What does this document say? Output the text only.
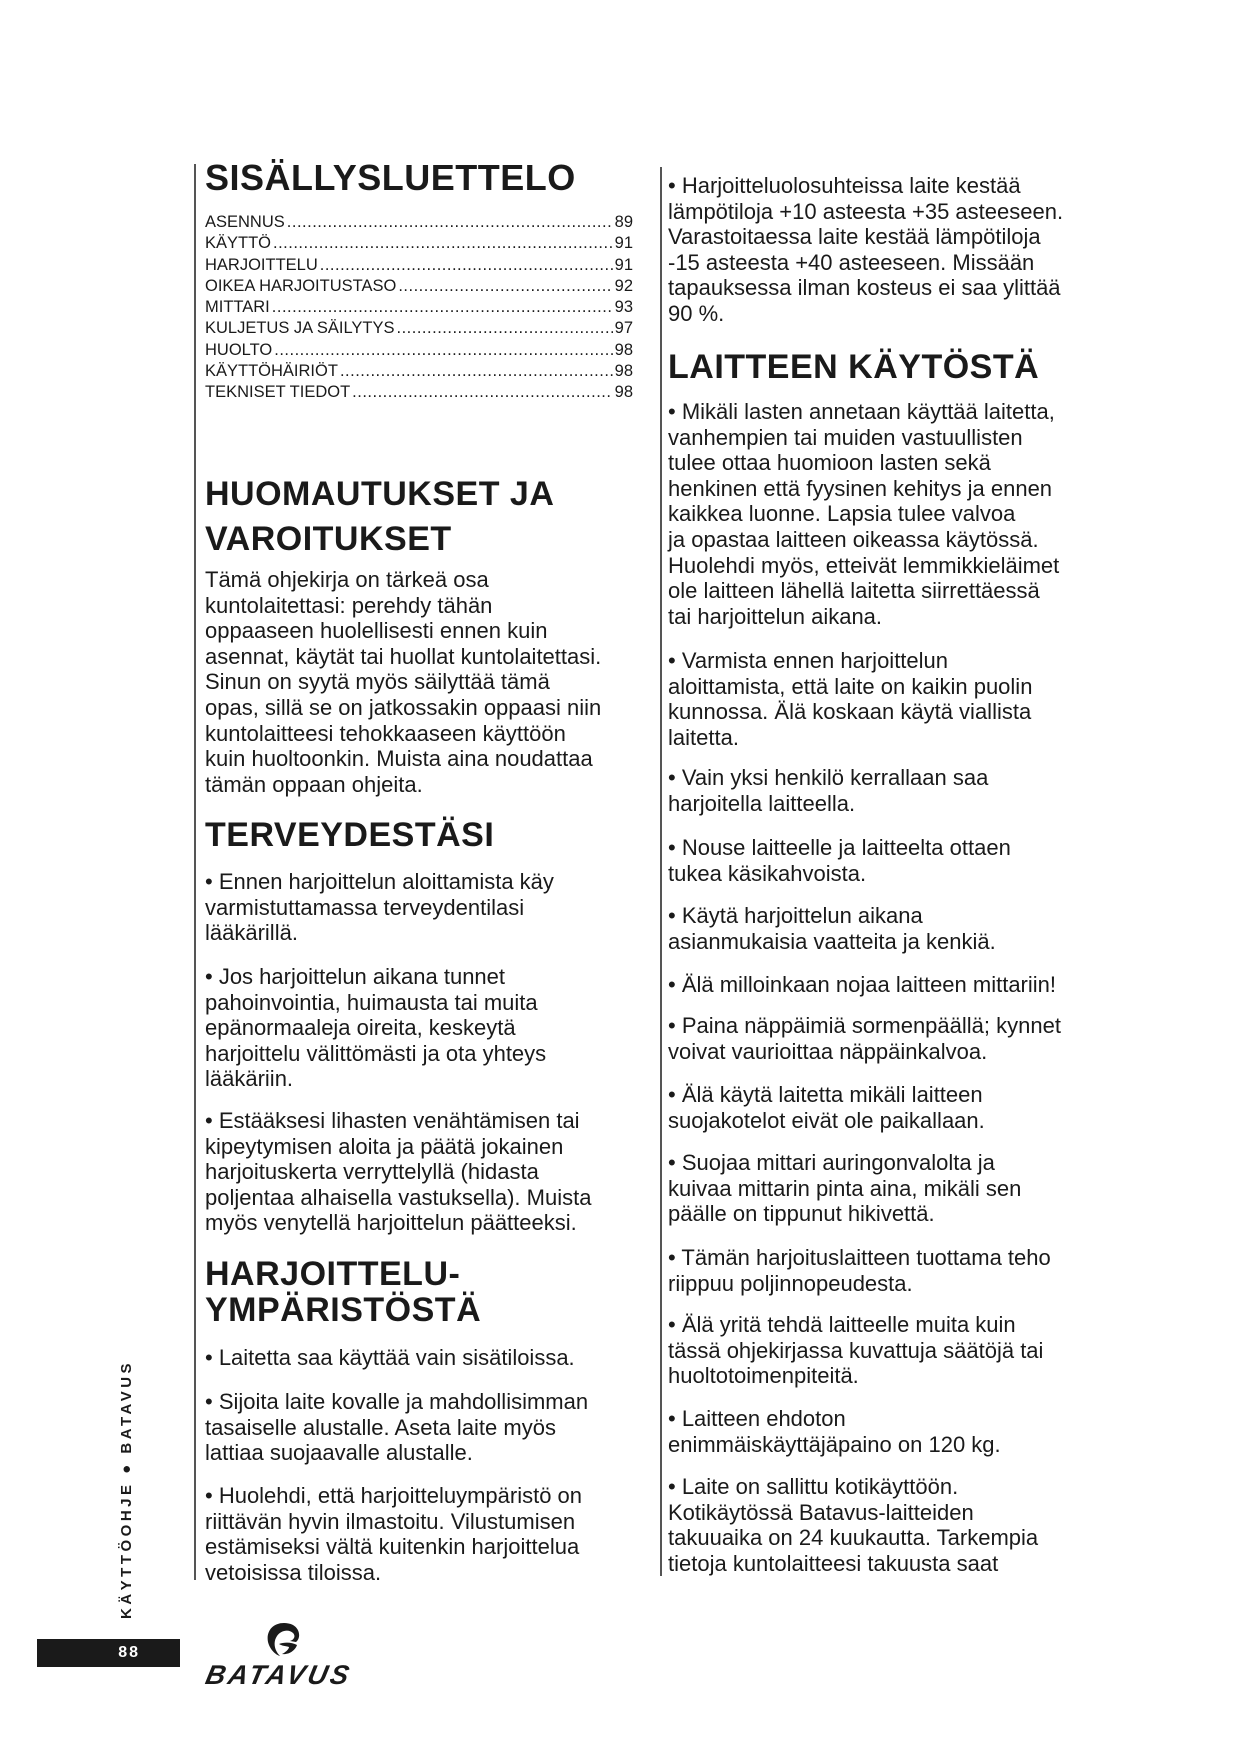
SISÄLLYSLUETTELO
ASENNUS .....	89
KÄYTTÖ .....	91
HARJOITTELU .....	91
OIKEA HARJOITUSTASO .....	92
MITTARI .....	93
KULJETUS JA SÄILYTYS .....	97
HUOLTO .....	98
KÄYTTÖHÄIRIÖT .....	98
TEKNISET TIEDOT .....	98
HUOMAUTUKSET JA
VAROITUKSET

Tämä ohjekirja on tärkeä osa
kuntolaitettasi: perehdy tähän
oppaaseen huolellisesti ennen kuin
asennat, käytät tai huollat kuntolaitettasi.
Sinun on syytä myös säilyttää tämä
opas, sillä se on jatkossakin oppaasi niin
kuntolaitteesi tehokkaaseen käyttöön
kuin huoltoonkin. Muista aina noudattaa
tämän oppaan ohjeita.

TERVEYDESTÄSI

• Ennen harjoittelun aloittamista käy
varmistuttamassa terveydentilasi
lääkärillä.

• Jos harjoittelun aikana tunnet
pahoinvointia, huimausta tai muita
epänormaaleja oireita, keskeytä
harjoittelu välittömästi ja ota yhteys
lääkäriin.

• Estääksesi lihasten venähtämisen tai
kipeytymisen aloita ja päätä jokainen
harjoituskerta verryttelyllä (hidasta
poljentaa alhaisella vastuksella). Muista
myös venytellä harjoittelun päätteeksi.

HARJOITTELU-
YMPÄRISTÖSTÄ

• Laitetta saa käyttää vain sisätiloissa.

• Sijoita laite kovalle ja mahdollisimman
tasaiselle alustalle. Aseta laite myös
lattiaa suojaavalle alustalle.

• Huolehdi, että harjoitteluympäristö on
riittävän hyvin ilmastoitu. Vilustumisen
estämiseksi vältä kuitenkin harjoittelua
vetoisissa tiloissa.

• Harjoitteluolosuhteissa laite kestää
lämpötiloja +10 asteesta +35 asteeseen.
Varastoitaessa laite kestää lämpötiloja
-15 asteesta +40 asteeseen. Missään
tapauksessa ilman kosteus ei saa ylittää
90 %.

LAITTEEN KÄYTÖSTÄ

• Mikäli lasten annetaan käyttää laitetta,
vanhempien tai muiden vastuullisten
tulee ottaa huomioon lasten sekä
henkinen että fyysinen kehitys ja ennen
kaikkea luonne. Lapsia tulee valvoa
ja opastaa laitteen oikeassa käytössä.
Huolehdi myös, etteivät lemmikkieläimet
ole laitteen lähellä laitetta siirrettäessä
tai harjoittelun aikana.

• Varmista ennen harjoittelun
aloittamista, että laite on kaikin puolin
kunnossa. Älä koskaan käytä viallista
laitetta.

• Vain yksi henkilö kerrallaan saa
harjoitella laitteella.

• Nouse laitteelle ja laitteelta ottaen
tukea käsikahvoista.

• Käytä harjoittelun aikana
asianmukaisia vaatteita ja kenkiä.

• Älä milloinkaan nojaa laitteen mittariin!

• Paina näppäimiä sormenpäällä; kynnet
voivat vaurioittaa näppäinkalvoa.

• Älä käytä laitetta mikäli laitteen
suojakotelot eivät ole paikallaan.

• Suojaa mittari auringonvalolta ja
kuivaa mittarin pinta aina, mikäli sen
päälle on tippunut hikivettä.

• Tämän harjoituslaitteen tuottama teho
riippuu poljinnopeudesta.

• Älä yritä tehdä laitteelle muita kuin
tässä ohjekirjassa kuvattuja säätöjä tai
huoltotoimenpiteitä.

• Laitteen ehdoton
enimmäiskäyttäjäpaino on 120 kg.

• Laite on sallittu kotikäyttöön.
Kotikäytössä Batavus-laitteiden
takuuaika on 24 kuukautta. Tarkempia
tietoja kuntolaitteesi takuusta saat

KÄYTTÖOHJE ● BATAVUS
88
BATAVUS
